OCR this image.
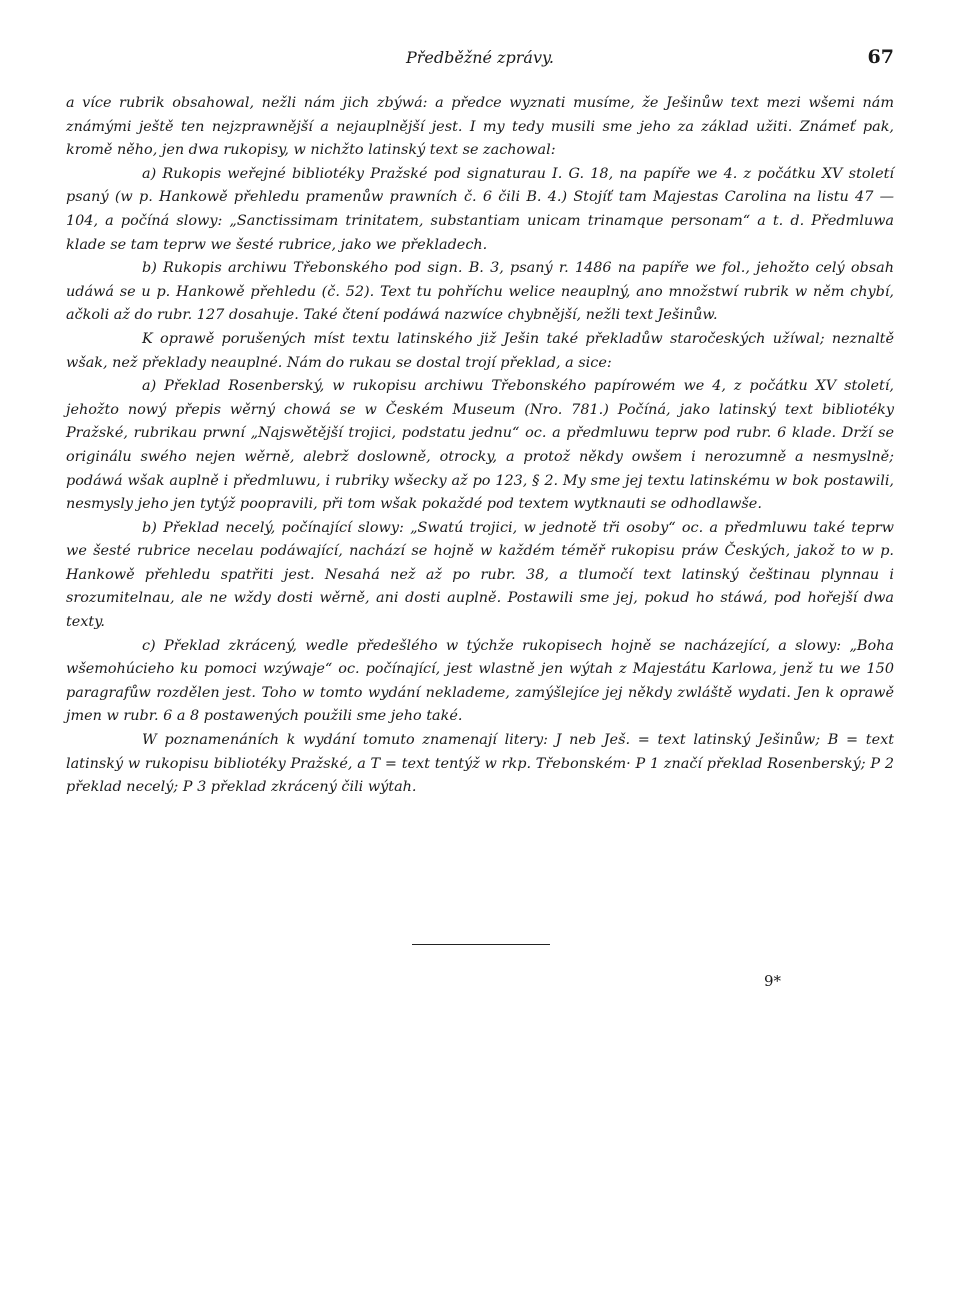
Předběžné zprávy.	67

a více rubrik obsahowal, nežli nám jich zbýwá: a předce wyznati musíme, že Ješinůw text mezi wšemi nám známými ještě ten nejzprawnější a nejauplnější jest. I my tedy musili sme jeho za základ užiti. Známeť pak, kromě něho, jen dwa rukopisy, w nichžto latinský text se zachowal:

a) Rukopis weřejné bibliotéky Pražské pod signaturau I. G. 18, na papíře we 4. z počátku XV století psaný (w p. Hankowě přehledu pramenůw prawních č. 6 čili B. 4.) Stojíť tam Majestas Carolina na listu 47 — 104, a počíná slowy: „Sanctissimam trinitatem, substantiam unicam trinamque personam“ a t. d. Předmluwa klade se tam teprw we šesté rubrice, jako we překladech.

b) Rukopis archiwu Třebonského pod sign. B. 3, psaný r. 1486 na papíře we fol., jehožto celý obsah udáwá se u p. Hankowě přehledu (č. 52). Text tu pohříchu welice neauplný, ano množstwí rubrik w něm chybí, ačkoli až do rubr. 127 dosahuje. Také čtení podáwá nazwíce chybnější, nežli text Ješinůw.

K oprawě porušených míst textu latinského již Ješin také překladůw staročeských užíwal; neznaltě wšak, než překlady neauplné. Nám do rukau se dostal trojí překlad, a sice:

a) Překlad Rosenberský, w rukopisu archiwu Třebonského papírowém we 4, z počátku XV století, jehožto nowý přepis wěrný chowá se w Českém Museum (Nro. 781.) Počíná, jako latinský text bibliotéky Pražské, rubrikau prwní „Najswětější trojici, podstatu jednu“ oc. a předmluwu teprw pod rubr. 6 klade. Drží se originálu swého nejen wěrně, alebrž doslowně, otrocky, a protož někdy owšem i nerozumně a nesmyslně; podáwá wšak auplně i předmluwu, i rubriky wšecky až po 123, § 2. My sme jej textu latinskému w bok postawili, nesmysly jeho jen tytýž poopravili, při tom wšak pokaždé pod textem wytknauti se odhodlawše.

b) Překlad necelý, počínající slowy: „Swatú trojici, w jednotě tři osoby“ oc. a předmluwu také teprw we šesté rubrice necelau podáwající, nachází se hojně w každém téměř rukopisu práw Českých, jakož to w p. Hankowě přehledu spatřiti jest. Nesahá než až po rubr. 38, a tlumočí text latinský češtinau plynnau i srozumitelnau, ale ne wždy dosti wěrně, ani dosti auplně. Postawili sme jej, pokud ho stáwá, pod hořejší dwa texty.

c) Překlad zkrácený, wedle předešlého w týchže rukopisech hojně se nacházející, a slowy: „Boha wšemohúcieho ku pomoci wzýwaje“ oc. počínající, jest wlastně jen wýtah z Majestátu Karlowa, jenž tu we 150 paragrafůw rozdělen jest. Toho w tomto wydání neklademe, zamýšlejíce jej někdy zwláště wydati. Jen k oprawě jmen w rubr. 6 a 8 postawených použili sme jeho také.

W poznamenáních k wydání tomuto znamenají litery: J neb Ješ. = text latinský Ješinůw; B = text latinský w rukopisu bibliotéky Pražské, a T = text tentýž w rkp. Třebonském· P 1 značí překlad Rosenberský; P 2 překlad necelý; P 3 překlad zkrácený čili wýtah.

9*
